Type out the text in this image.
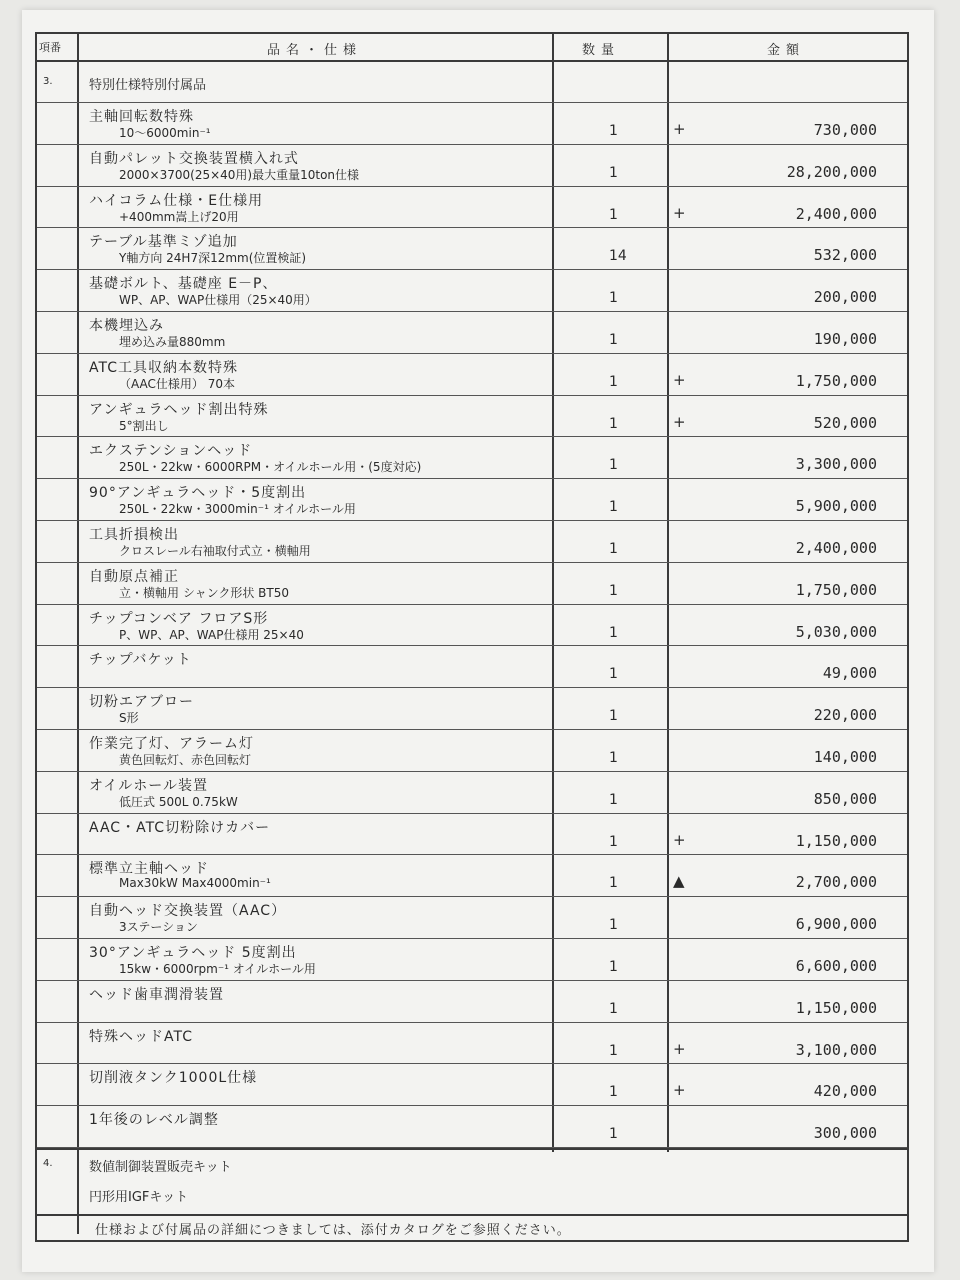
項番	品名・仕様	数量	金額
3.	特別仕様特別付属品
主軸回転数特殊
10～6000min⁻¹	1	+	730,000
自動パレット交換装置横入れ式
2000×3700(25×40用)最大重量10ton仕様	1	28,200,000
ハイコラム仕様・E仕様用
+400mm嵩上げ20用	1	+	2,400,000
テーブル基準ミゾ追加
Y軸方向 24H7深12mm(位置検証)	14	532,000
基礎ボルト、基礎座 E－P、
WP、AP、WAP仕様用（25×40用）	1	200,000
本機埋込み
埋め込み量880mm	1	190,000
ATC工具収納本数特殊
（AAC仕様用） 70本	1	+	1,750,000
アンギュラヘッド割出特殊
5°割出し	1	+	520,000
エクステンションヘッド
250L・22kw・6000RPM・オイルホール用・(5度対応)	1	3,300,000
90°アンギュラヘッド・5度割出
250L・22kw・3000min⁻¹ オイルホール用	1	5,900,000
工具折損検出
クロスレール右袖取付式立・横軸用	1	2,400,000
自動原点補正
立・横軸用 シャンク形状 BT50	1	1,750,000
チップコンベア フロアS形
P、WP、AP、WAP仕様用 25×40	1	5,030,000
チップバケット
1	49,000
切粉エアブロー
S形	1	220,000
作業完了灯、アラーム灯
黄色回転灯、赤色回転灯	1	140,000
オイルホール装置
低圧式 500L 0.75kW	1	850,000
AAC・ATC切粉除けカバー
1	+	1,150,000
標準立主軸ヘッド
Max30kW Max4000min⁻¹	1	▲	2,700,000
自動ヘッド交換装置（AAC）
3ステーション	1	6,900,000
30°アンギュラヘッド 5度割出
15kw・6000rpm⁻¹ オイルホール用	1	6,600,000
ヘッド歯車潤滑装置
1	1,150,000
特殊ヘッドATC
1	+	3,100,000
切削液タンク1000L仕様
1	+	420,000
1年後のレベル調整
1	300,000
4.	数値制御装置販売キット
円形用IGFキット
仕様および付属品の詳細につきましては、添付カタログをご参照ください。
